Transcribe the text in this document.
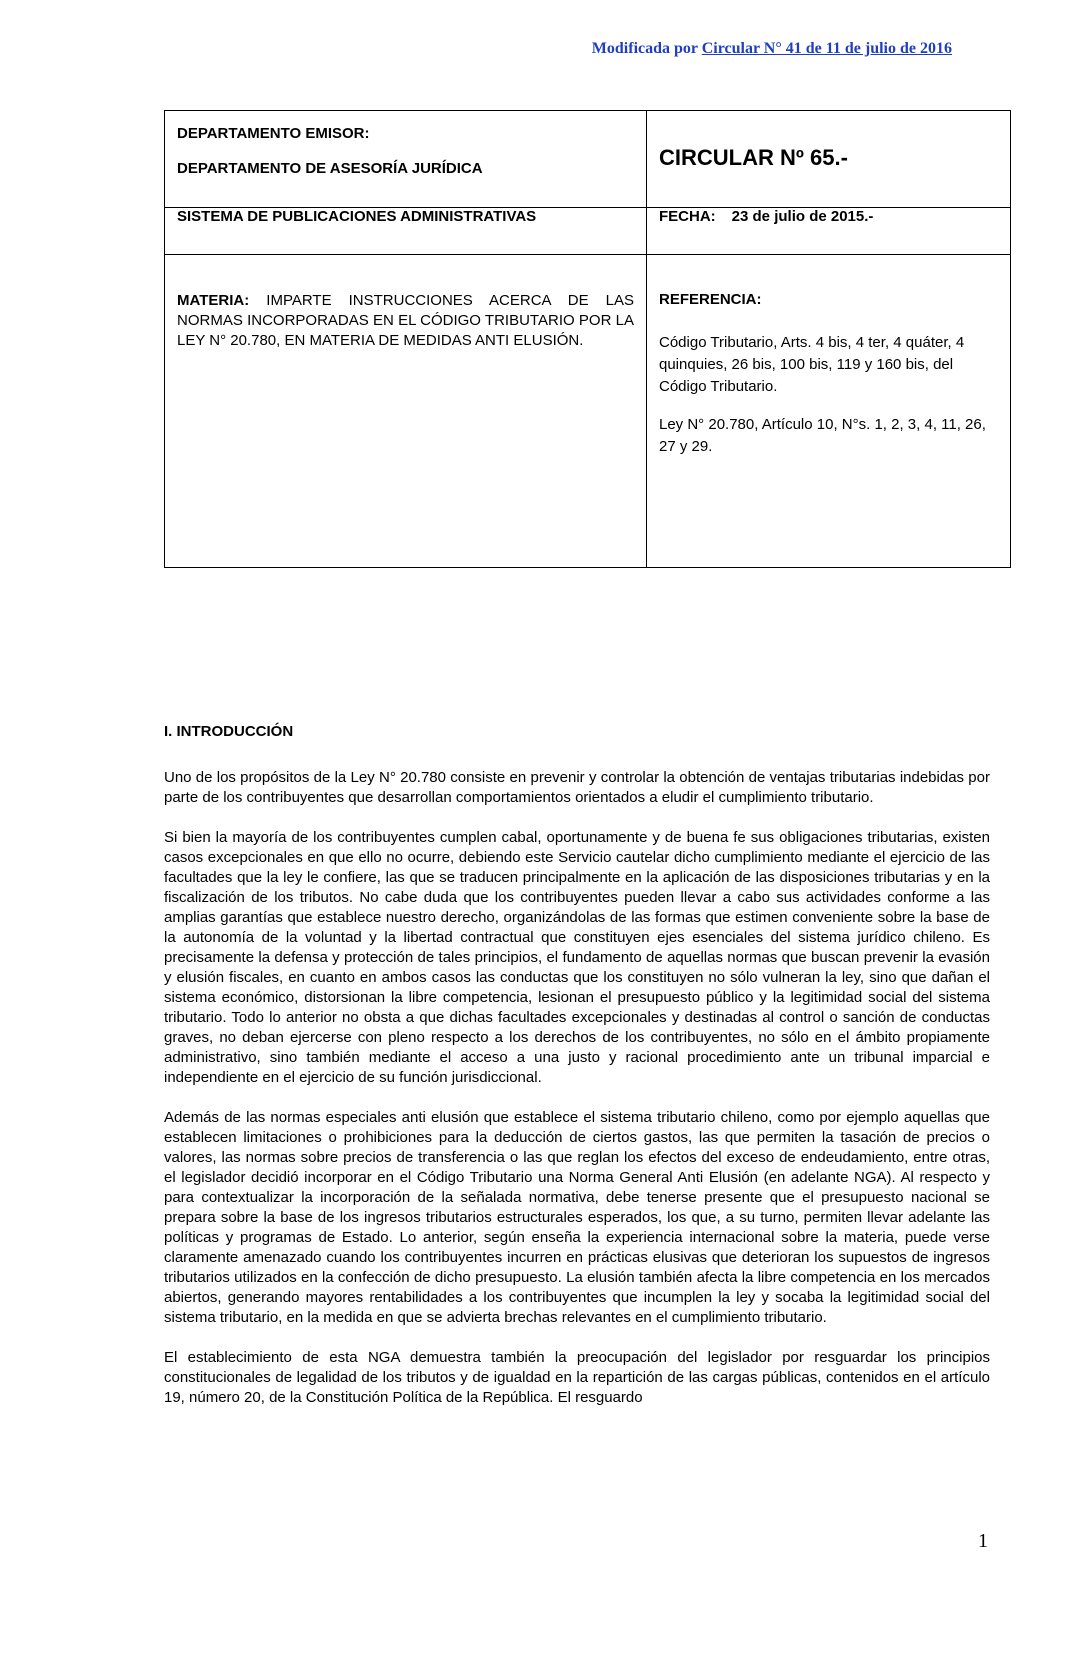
Modificada por Circular N° 41 de 11 de julio de 2016
DEPARTAMENTO EMISOR:
DEPARTAMENTO DE ASESORÍA JURÍDICA	CIRCULAR Nº 65.-

SISTEMA DE PUBLICACIONES ADMINISTRATIVAS	FECHA: 23 de julio de 2015.-

MATERIA: IMPARTE INSTRUCCIONES ACERCA DE LAS NORMAS INCORPORADAS EN EL CÓDIGO TRIBUTARIO POR LA LEY N° 20.780, EN MATERIA DE MEDIDAS ANTI ELUSIÓN.	REFERENCIA:
Código Tributario, Arts. 4 bis, 4 ter, 4 quáter, 4 quinquies, 26 bis, 100 bis, 119 y 160 bis, del Código Tributario.
Ley N° 20.780, Artículo 10, N°s. 1, 2, 3, 4, 11, 26, 27 y 29.
I. INTRODUCCIÓN

Uno de los propósitos de la Ley N° 20.780 consiste en prevenir y controlar la obtención de ventajas tributarias indebidas por parte de los contribuyentes que desarrollan comportamientos orientados a eludir el cumplimiento tributario.

Si bien la mayoría de los contribuyentes cumplen cabal, oportunamente y de buena fe sus obligaciones tributarias, existen casos excepcionales en que ello no ocurre, debiendo este Servicio cautelar dicho cumplimiento mediante el ejercicio de las facultades que la ley le confiere, las que se traducen principalmente en la aplicación de las disposiciones tributarias y en la fiscalización de los tributos. No cabe duda que los contribuyentes pueden llevar a cabo sus actividades conforme a las amplias garantías que establece nuestro derecho, organizándolas de las formas que estimen conveniente sobre la base de la autonomía de la voluntad y la libertad contractual que constituyen ejes esenciales del sistema jurídico chileno. Es precisamente la defensa y protección de tales principios, el fundamento de aquellas normas que buscan prevenir la evasión y elusión fiscales, en cuanto en ambos casos las conductas que los constituyen no sólo vulneran la ley, sino que dañan el sistema económico, distorsionan la libre competencia, lesionan el presupuesto público y la legitimidad social del sistema tributario. Todo lo anterior no obsta a que dichas facultades excepcionales y destinadas al control o sanción de conductas graves, no deban ejercerse con pleno respecto a los derechos de los contribuyentes, no sólo en el ámbito propiamente administrativo, sino también mediante el acceso a una justo y racional procedimiento ante un tribunal imparcial e independiente en el ejercicio de su función jurisdiccional.

Además de las normas especiales anti elusión que establece el sistema tributario chileno, como por ejemplo aquellas que establecen limitaciones o prohibiciones para la deducción de ciertos gastos, las que permiten la tasación de precios o valores, las normas sobre precios de transferencia o las que reglan los efectos del exceso de endeudamiento, entre otras, el legislador decidió incorporar en el Código Tributario una Norma General Anti Elusión (en adelante NGA). Al respecto y para contextualizar la incorporación de la señalada normativa, debe tenerse presente que el presupuesto nacional se prepara sobre la base de los ingresos tributarios estructurales esperados, los que, a su turno, permiten llevar adelante las políticas y programas de Estado. Lo anterior, según enseña la experiencia internacional sobre la materia, puede verse claramente amenazado cuando los contribuyentes incurren en prácticas elusivas que deterioran los supuestos de ingresos tributarios utilizados en la confección de dicho presupuesto. La elusión también afecta la libre competencia en los mercados abiertos, generando mayores rentabilidades a los contribuyentes que incumplen la ley y socaba la legitimidad social del sistema tributario, en la medida en que se advierta brechas relevantes en el cumplimiento tributario.

El establecimiento de esta NGA demuestra también la preocupación del legislador por resguardar los principios constitucionales de legalidad de los tributos y de igualdad en la repartición de las cargas públicas, contenidos en el artículo 19, número 20, de la Constitución Política de la República. El resguardo

1
